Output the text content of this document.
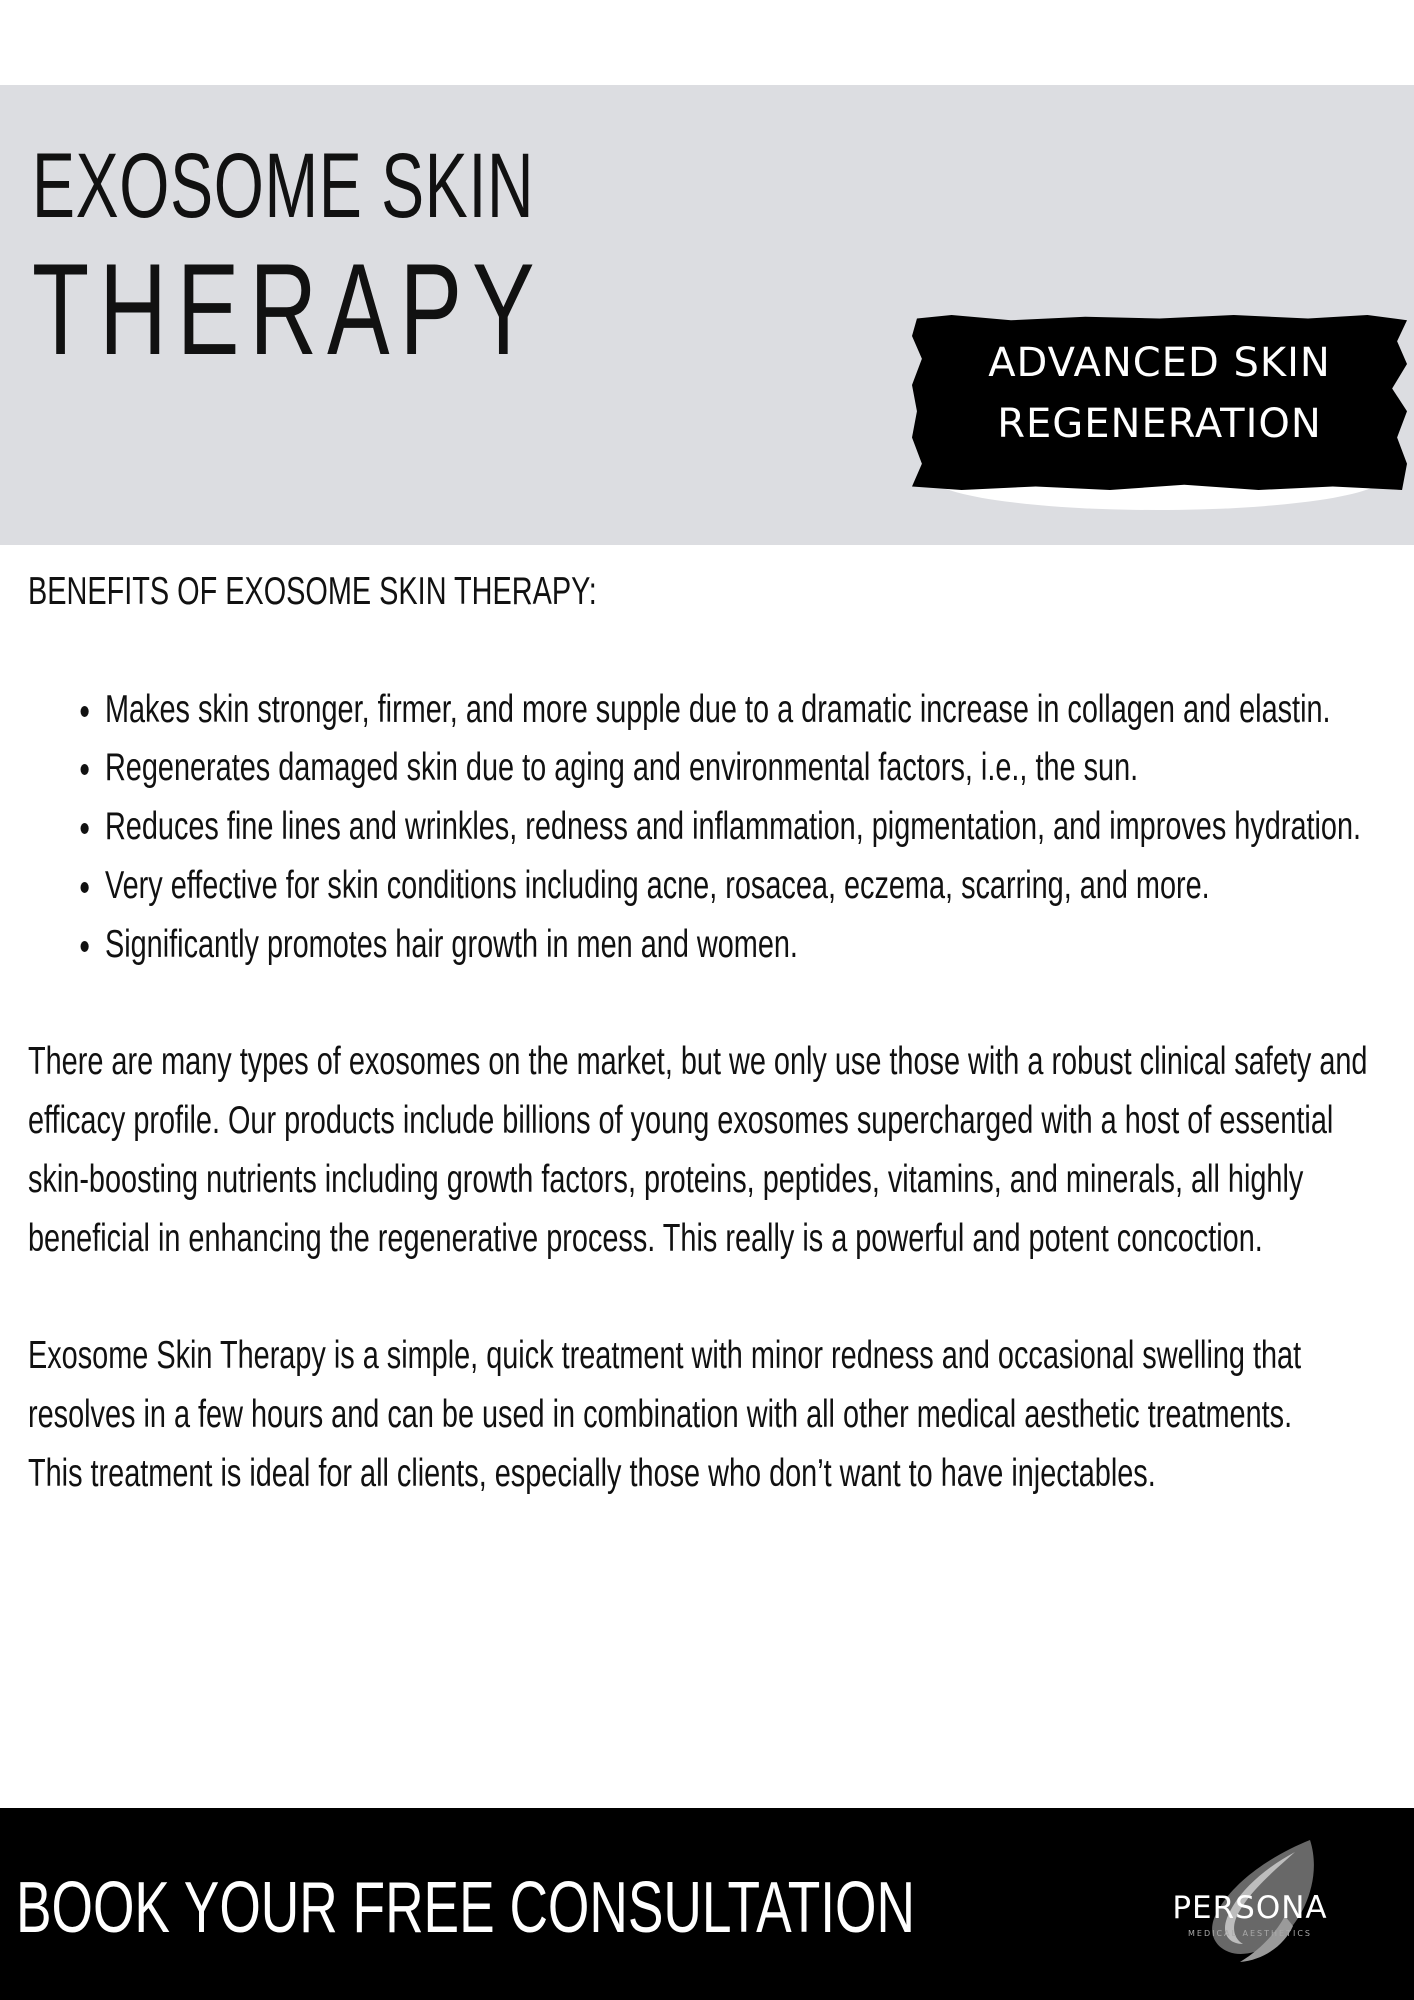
EXOSOME SKIN
THERAPY	ADVANCED SKIN
REGENERATION

BENEFITS OF EXOSOME SKIN THERAPY:
• Makes skin stronger, firmer, and more supple due to a dramatic increase in collagen and elastin.
• Regenerates damaged skin due to aging and environmental factors, i.e., the sun.
• Reduces fine lines and wrinkles, redness and inflammation, pigmentation, and improves hydration.
• Very effective for skin conditions including acne, rosacea, eczema, scarring, and more.
• Significantly promotes hair growth in men and women.

There are many types of exosomes on the market, but we only use those with a robust clinical safety and efficacy profile. Our products include billions of young exosomes supercharged with a host of essential skin-boosting nutrients including growth factors, proteins, peptides, vitamins, and minerals, all highly beneficial in enhancing the regenerative process. This really is a powerful and potent concoction.

Exosome Skin Therapy is a simple, quick treatment with minor redness and occasional swelling that resolves in a few hours and can be used in combination with all other medical aesthetic treatments.

This treatment is ideal for all clients, especially those who don’t want to have injectables.

BOOK YOUR FREE CONSULTATION	PERSONA
MEDICAL AESTHETICS
